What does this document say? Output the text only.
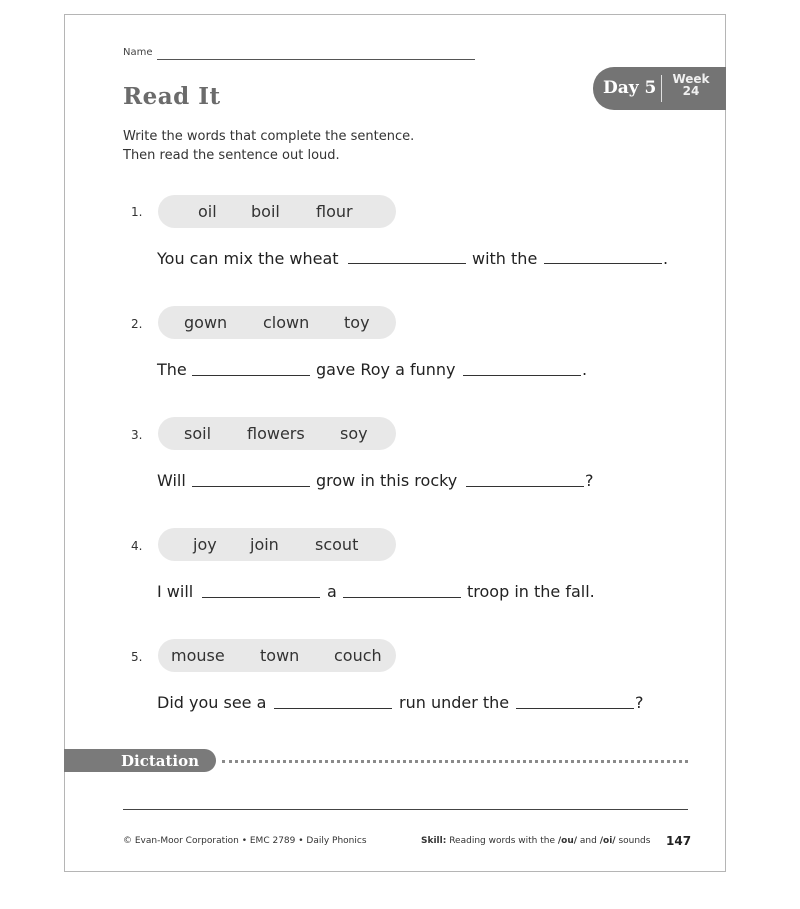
Name
Read It	Day 5	Week
24
Write the words that complete the sentence.
Then read the sentence out loud.
1.	oil boil flour
You can mix the wheat	with the	.
2.	gown clown toy
The	gave Roy a funny	.
3.	soil flowers soy
Will	grow in this rocky	?
4.	joy join scout
I will	a	troop in the fall.
5. mouse town couch
Did you see a	run under the	?
Dictation
© Evan-Moor Corporation • EMC 2789 • Daily Phonics	Skill: Reading words with the /ou/ and /oi/ sounds 147
